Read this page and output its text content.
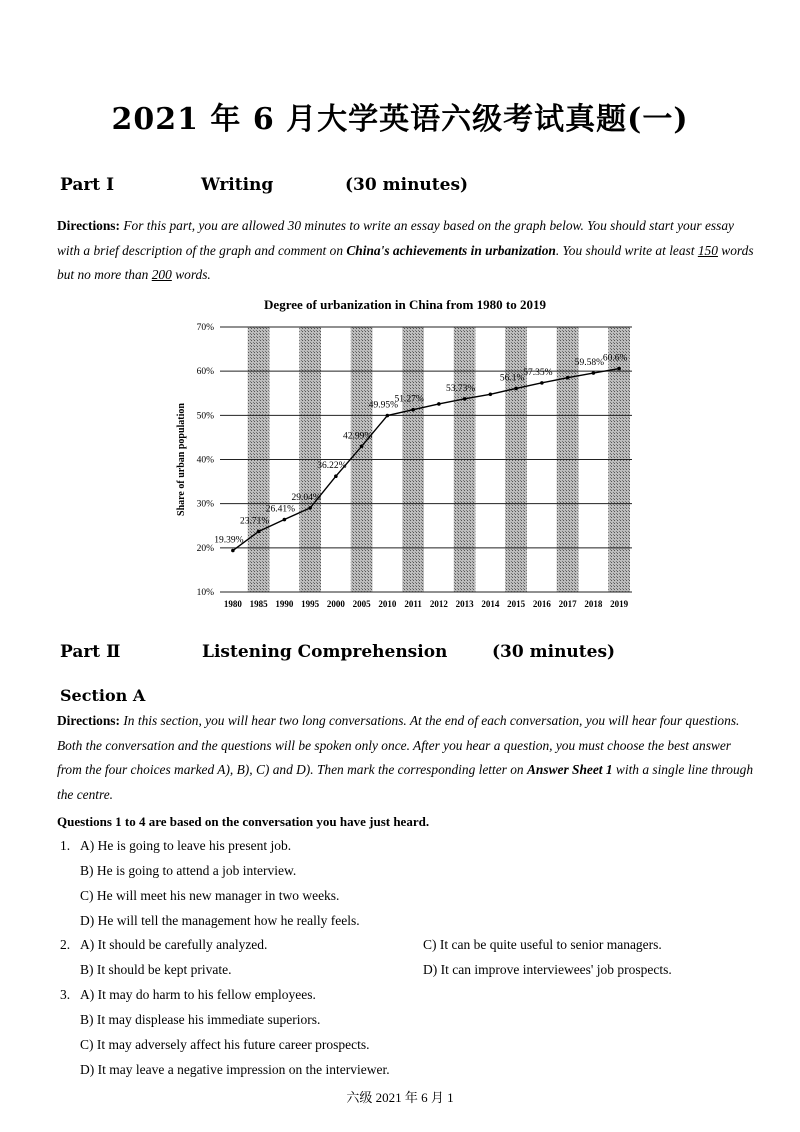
2021 年 6 月大学英语六级考试真题(一)
Part Ⅰ	Writing	(30 minutes)
Directions: For this part, you are allowed 30 minutes to write an essay based on the graph below. You should start your essay with a brief description of the graph and comment on China's achievements in urbanization. You should write at least 150 words but no more than 200 words.
Degree of urbanization in China from 1980 to 2019
Share of urban population
10%
20%
30%
40%
50%
60%
70%
1980 1985 1990 1995 2000 2005 2010 2011 2012 2013 2014 2015 2016 2017 2018 2019
19.39%
23.71%
26.41%
29.04%
36.22%
42.99%
49.95%
51.27%
53.73%
56.1%
57.35%
59.58%
60.6%
Part Ⅱ	Listening Comprehension	(30 minutes)
Section A
Directions: In this section, you will hear two long conversations. At the end of each conversation, you will hear four questions. Both the conversation and the questions will be spoken only once. After you hear a question, you must choose the best answer from the four choices marked A), B), C) and D). Then mark the corresponding letter on Answer Sheet 1 with a single line through the centre.
Questions 1 to 4 are based on the conversation you have just heard.
1. A) He is going to leave his present job.
B) He is going to attend a job interview.
C) He will meet his new manager in two weeks.
D) He will tell the management how he really feels.
2. A) It should be carefully analyzed.	C) It can be quite useful to senior managers.
B) It should be kept private.	D) It can improve interviewees' job prospects.
3. A) It may do harm to his fellow employees.
B) It may displease his immediate superiors.
C) It may adversely affect his future career prospects.
D) It may leave a negative impression on the interviewer.
六级 2021 年 6 月 1
